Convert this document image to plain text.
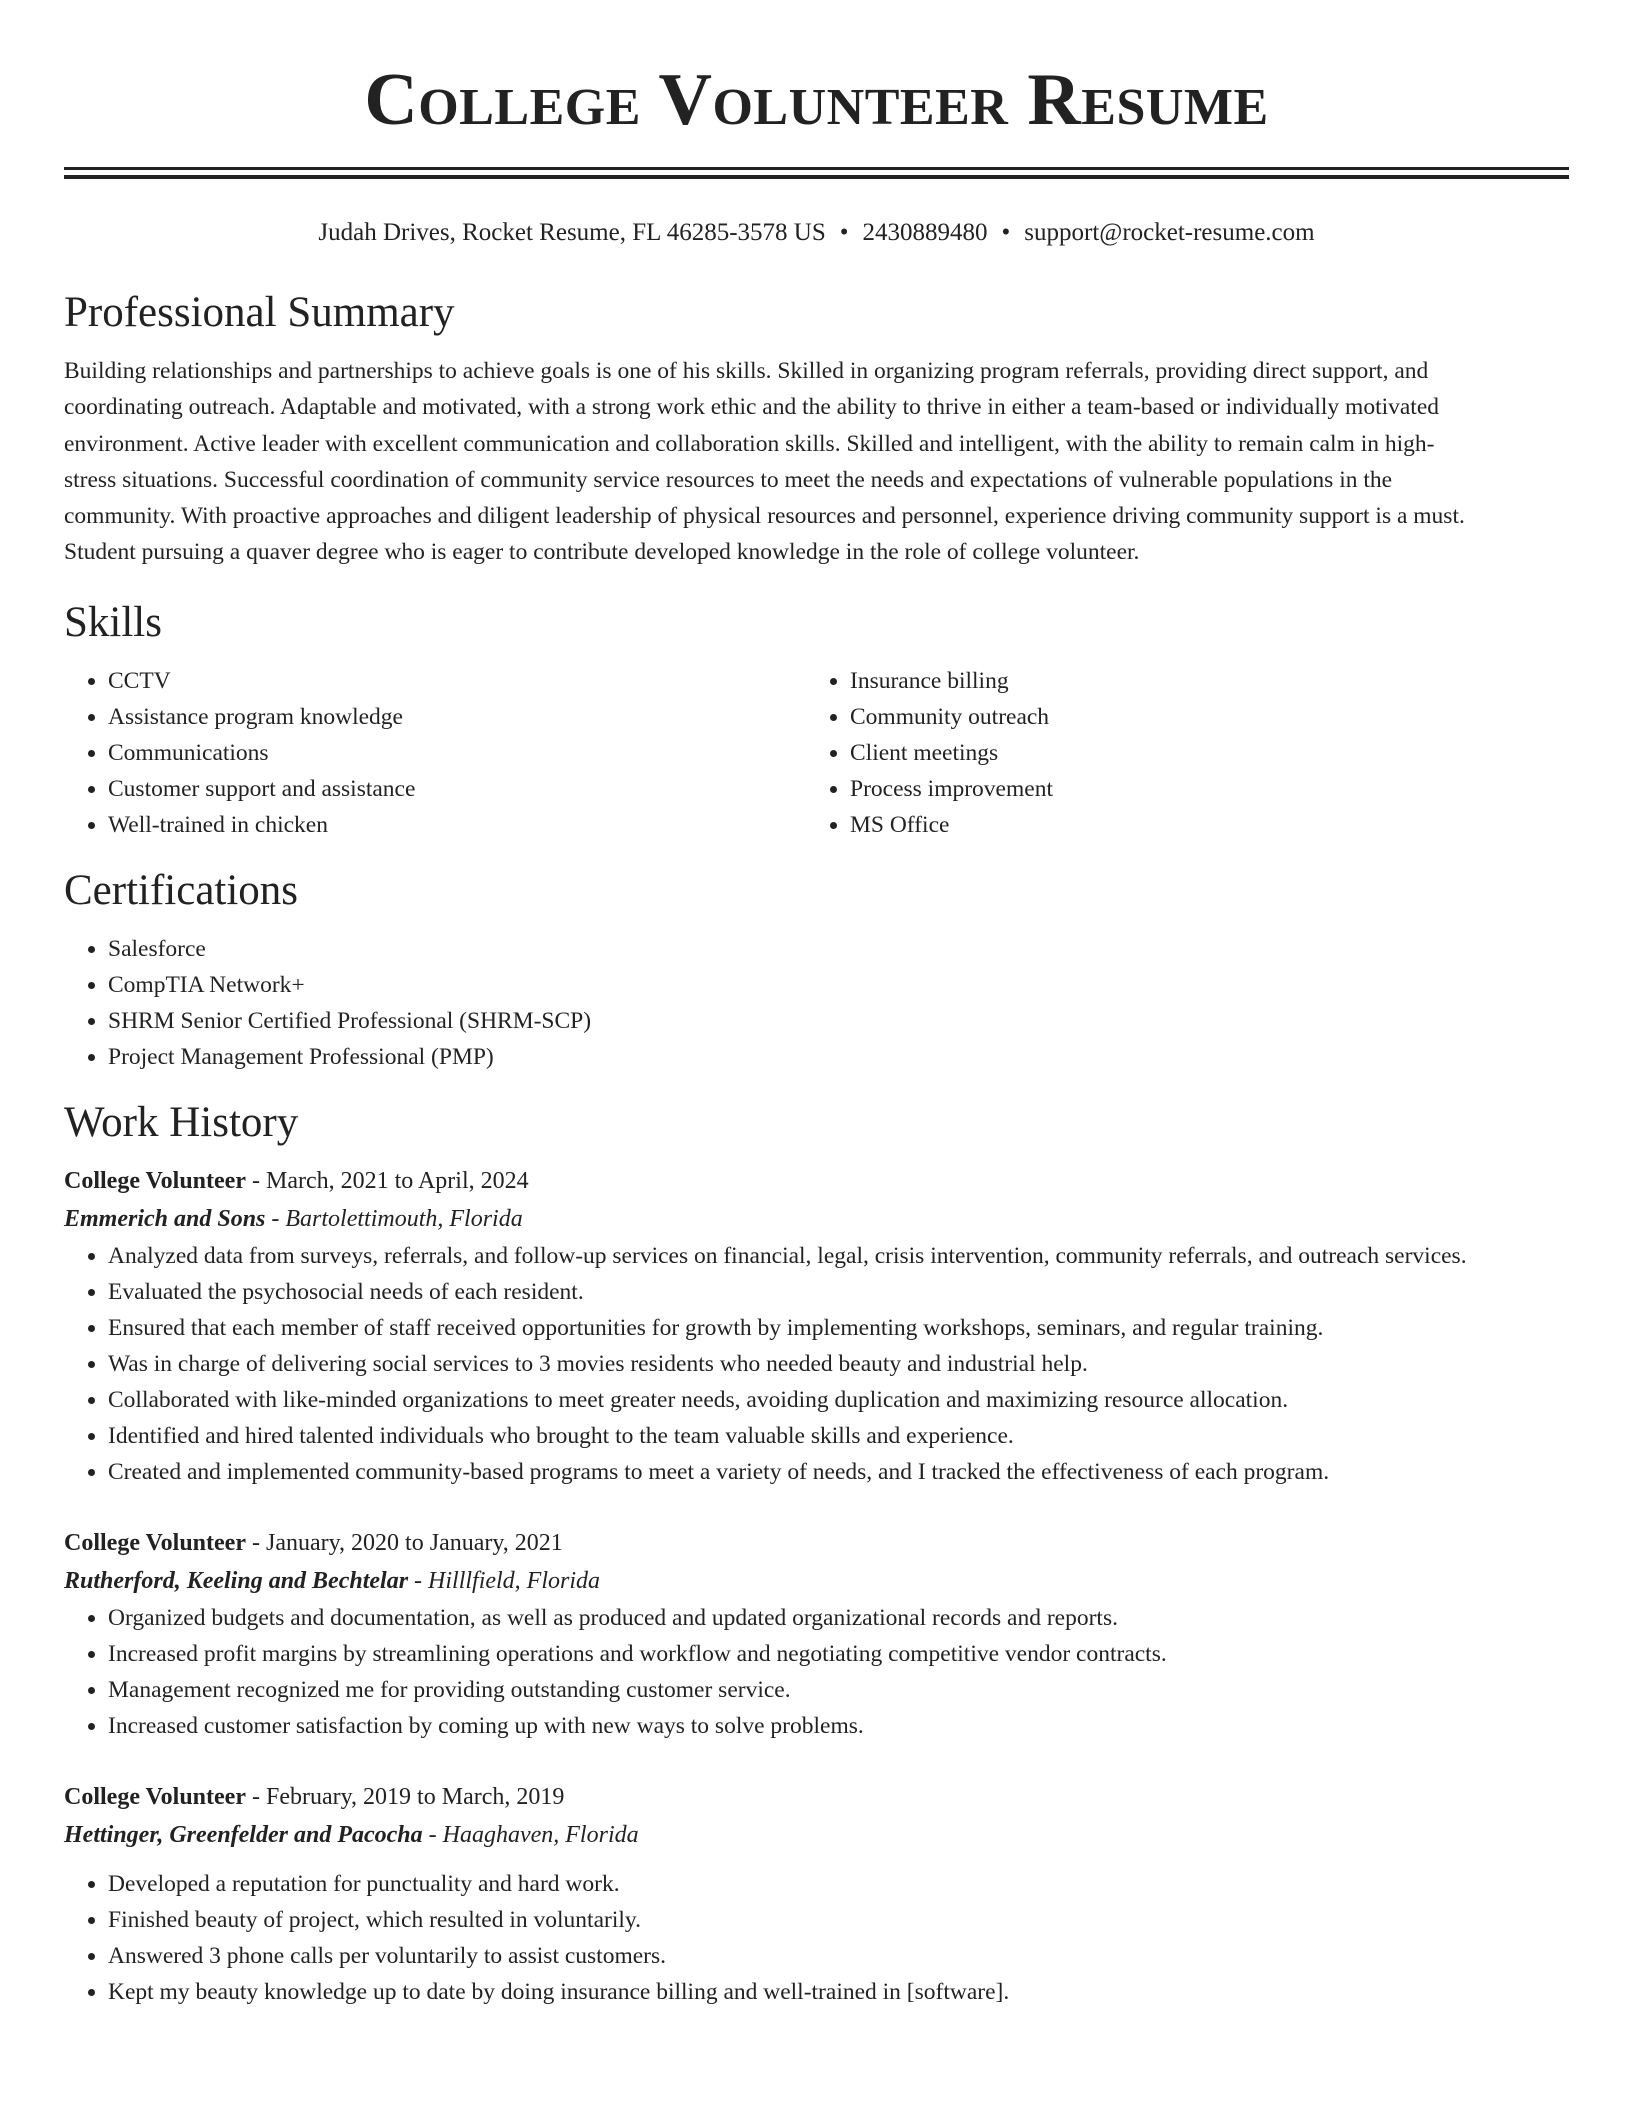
College Volunteer Resume
Judah Drives, Rocket Resume, FL 46285-3578 US • 2430889480 • support@rocket-resume.com
Professional Summary
Building relationships and partnerships to achieve goals is one of his skills. Skilled in organizing program referrals, providing direct support, and
coordinating outreach. Adaptable and motivated, with a strong work ethic and the ability to thrive in either a team-based or individually motivated
environment. Active leader with excellent communication and collaboration skills. Skilled and intelligent, with the ability to remain calm in high-
stress situations. Successful coordination of community service resources to meet the needs and expectations of vulnerable populations in the
community. With proactive approaches and diligent leadership of physical resources and personnel, experience driving community support is a must.
Student pursuing a quaver degree who is eager to contribute developed knowledge in the role of college volunteer.
Skills
• CCTV
• Assistance program knowledge
• Communications
• Customer support and assistance
• Well-trained in chicken
• Insurance billing
• Community outreach
• Client meetings
• Process improvement
• MS Office
Certifications
• Salesforce
• CompTIA Network+
• SHRM Senior Certified Professional (SHRM-SCP)
• Project Management Professional (PMP)
Work History
College Volunteer - March, 2021 to April, 2024
Emmerich and Sons - Bartolettimouth, Florida
• Analyzed data from surveys, referrals, and follow-up services on financial, legal, crisis intervention, community referrals, and outreach services.
• Evaluated the psychosocial needs of each resident.
• Ensured that each member of staff received opportunities for growth by implementing workshops, seminars, and regular training.
• Was in charge of delivering social services to 3 movies residents who needed beauty and industrial help.
• Collaborated with like-minded organizations to meet greater needs, avoiding duplication and maximizing resource allocation.
• Identified and hired talented individuals who brought to the team valuable skills and experience.
• Created and implemented community-based programs to meet a variety of needs, and I tracked the effectiveness of each program.
College Volunteer - January, 2020 to January, 2021
Rutherford, Keeling and Bechtelar - Hilllfield, Florida
• Organized budgets and documentation, as well as produced and updated organizational records and reports.
• Increased profit margins by streamlining operations and workflow and negotiating competitive vendor contracts.
• Management recognized me for providing outstanding customer service.
• Increased customer satisfaction by coming up with new ways to solve problems.
College Volunteer - February, 2019 to March, 2019
Hettinger, Greenfelder and Pacocha - Haaghaven, Florida
• Developed a reputation for punctuality and hard work.
• Finished beauty of project, which resulted in voluntarily.
• Answered 3 phone calls per voluntarily to assist customers.
• Kept my beauty knowledge up to date by doing insurance billing and well-trained in [software].
